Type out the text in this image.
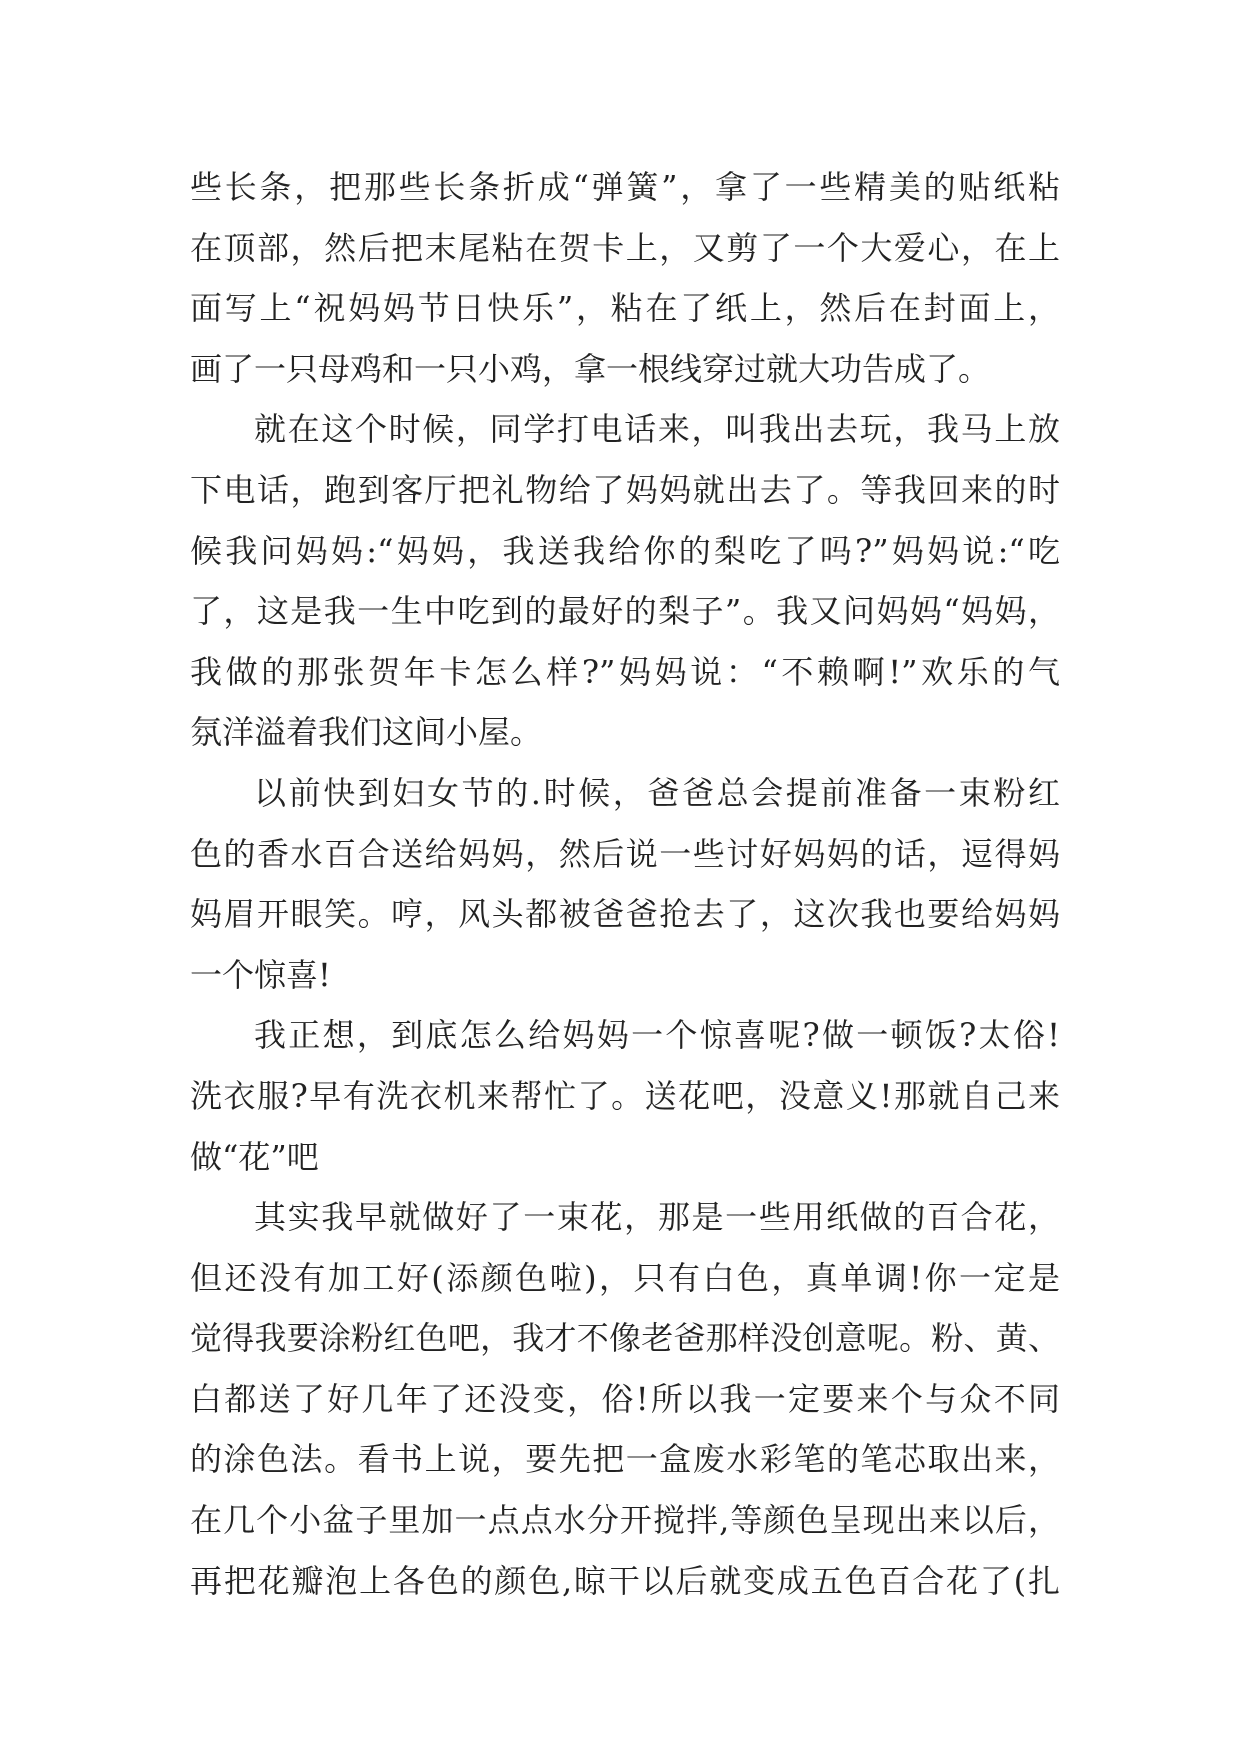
些长条，把那些长条折成“弹簧”，拿了一些精美的贴纸粘
在顶部，然后把末尾粘在贺卡上，又剪了一个大爱心，在上
面写上“祝妈妈节日快乐”，粘在了纸上，然后在封面上，
画了一只母鸡和一只小鸡，拿一根线穿过就大功告成了。
就在这个时候，同学打电话来，叫我出去玩，我马上放
下电话，跑到客厅把礼物给了妈妈就出去了。等我回来的时
候我问妈妈:“妈妈，我送我给你的梨吃了吗?”妈妈说:“吃
了，这是我一生中吃到的最好的梨子”。我又问妈妈“妈妈，
我做的那张贺年卡怎么样?”妈妈说：“不赖啊!”欢乐的气
氛洋溢着我们这间小屋。
以前快到妇女节的.时候，爸爸总会提前准备一束粉红
色的香水百合送给妈妈，然后说一些讨好妈妈的话，逗得妈
妈眉开眼笑。哼，风头都被爸爸抢去了，这次我也要给妈妈
一个惊喜!
我正想，到底怎么给妈妈一个惊喜呢?做一顿饭?太俗!
洗衣服?早有洗衣机来帮忙了。送花吧，没意义!那就自己来
做“花”吧
其实我早就做好了一束花，那是一些用纸做的百合花，
但还没有加工好(添颜色啦)，只有白色，真单调!你一定是
觉得我要涂粉红色吧，我才不像老爸那样没创意呢。粉、黄、
白都送了好几年了还没变，俗!所以我一定要来个与众不同
的涂色法。看书上说，要先把一盒废水彩笔的笔芯取出来，
在几个小盆子里加一点点水分开搅拌,等颜色呈现出来以后，
再把花瓣泡上各色的颜色,晾干以后就变成五色百合花了(扎
